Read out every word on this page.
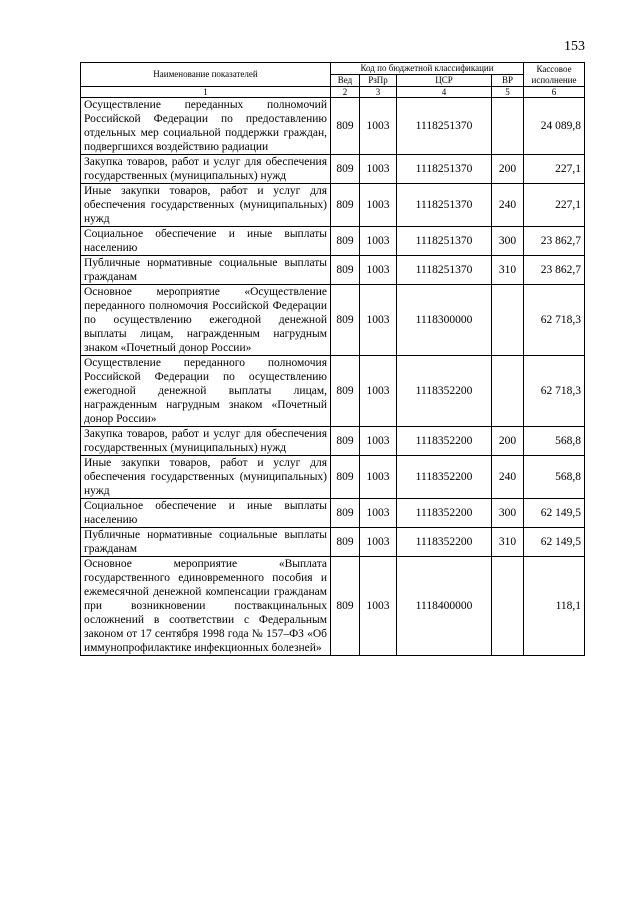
153
Наименование показателей	Код по бюджетной классификации				Кассовое исполнение
	Вед	РзПр	ЦСР	ВР	
1	2	3	4	5	6
Осуществление переданных полномочий Российской Федерации по предоставлению отдельных мер социальной поддержки граждан, подвергшихся воздействию радиации	809	1003	1118251370		24 089,8
Закупка товаров, работ и услуг для обеспечения государственных (муниципальных) нужд	809	1003	1118251370	200	227,1
Иные закупки товаров, работ и услуг для обеспечения государственных (муниципальных) нужд	809	1003	1118251370	240	227,1
Социальное обеспечение и иные выплаты населению	809	1003	1118251370	300	23 862,7
Публичные нормативные социальные выплаты гражданам	809	1003	1118251370	310	23 862,7
Основное мероприятие «Осуществление переданного полномочия Российской Федерации по осуществлению ежегодной денежной выплаты лицам, награжденным нагрудным знаком «Почетный донор России»	809	1003	1118300000		62 718,3
Осуществление переданного полномочия Российской Федерации по осуществлению ежегодной денежной выплаты лицам, награжденным нагрудным знаком «Почетный донор России»	809	1003	1118352200		62 718,3
Закупка товаров, работ и услуг для обеспечения государственных (муниципальных) нужд	809	1003	1118352200	200	568,8
Иные закупки товаров, работ и услуг для обеспечения государственных (муниципальных) нужд	809	1003	1118352200	240	568,8
Социальное обеспечение и иные выплаты населению	809	1003	1118352200	300	62 149,5
Публичные нормативные социальные выплаты гражданам	809	1003	1118352200	310	62 149,5
Основное мероприятие «Выплата государственного единовременного пособия и ежемесячной денежной компенсации гражданам при возникновении поствакцинальных осложнений в соответствии с Федеральным законом от 17 сентября 1998 года № 157–ФЗ «Об иммунопрофилактике инфекционных болезней»	809	1003	1118400000		118,1
